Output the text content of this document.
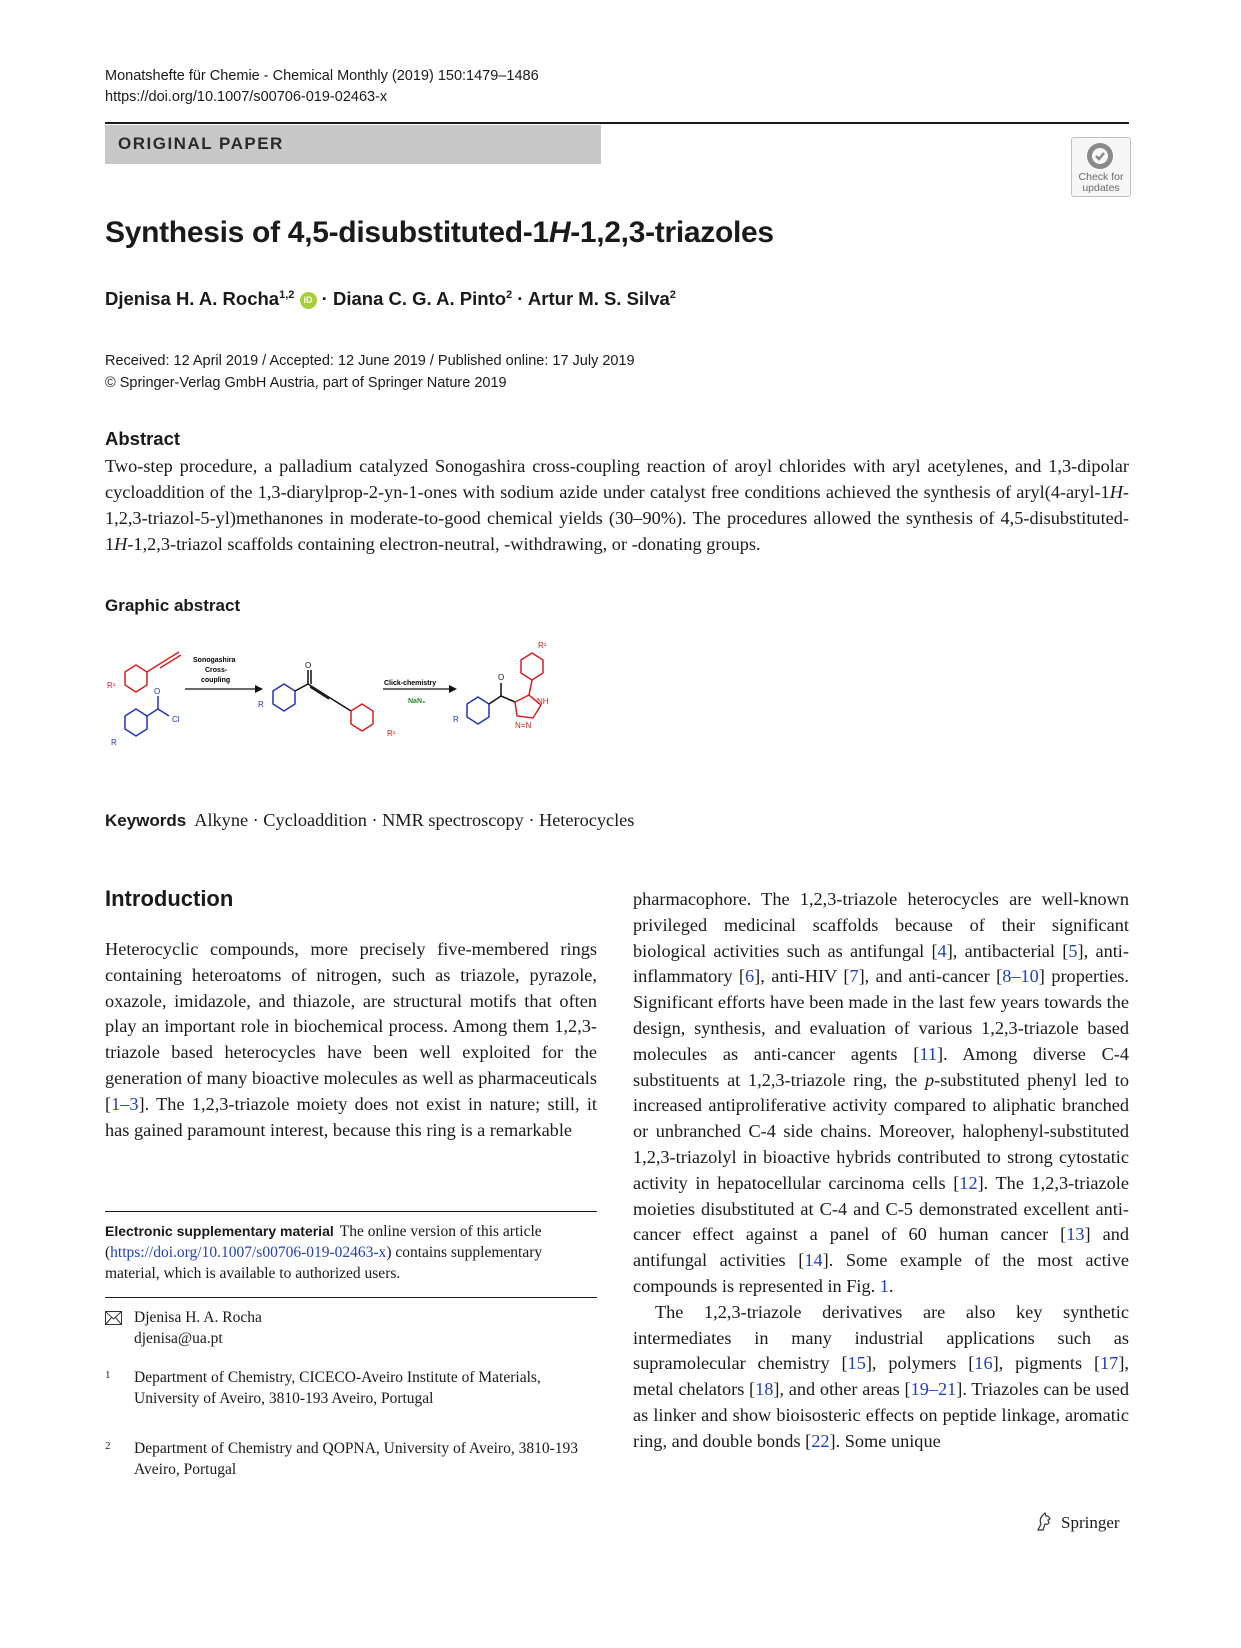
Monatshefte für Chemie - Chemical Monthly (2019) 150:1479–1486
https://doi.org/10.1007/s00706-019-02463-x
ORIGINAL PAPER
Check for
updates
Synthesis of 4,5-disubstituted-1H-1,2,3-triazoles
Djenisa H. A. Rocha$^{1,2}$ iD · Diana C. G. A. Pinto$^2$ · Artur M. S. Silva$^2$
Received: 12 April 2019 / Accepted: 12 June 2019 / Published online: 17 July 2019
© Springer-Verlag GmbH Austria, part of Springer Nature 2019
Abstract
Two-step procedure, a palladium catalyzed Sonogashira cross-coupling reaction of aroyl chlorides with aryl acetylenes, and 1,3-dipolar cycloaddition of the 1,3-diarylprop-2-yn-1-ones with sodium azide under catalyst free conditions achieved the synthesis of aryl(4-aryl-1H-1,2,3-triazol-5-yl)methanones in moderate-to-good chemical yields (30–90%). The procedures allowed the synthesis of 4,5-disubstituted-1H-1,2,3-triazol scaffolds containing electron-neutral, -withdrawing, or -donating groups.
Graphic abstract
R¹
O
Cl
R
Sonogashira
Cross-
coupling
O
R
R¹
Click-chemistry
NaN₃
O
R
R¹
NH
N=N
Keywords Alkyne · Cycloaddition · NMR spectroscopy · Heterocycles
Introduction
Heterocyclic compounds, more precisely five-membered rings containing heteroatoms of nitrogen, such as triazole, pyrazole, oxazole, imidazole, and thiazole, are structural motifs that often play an important role in biochemical process. Among them 1,2,3-triazole based heterocycles have been well exploited for the generation of many bioactive molecules as well as pharmaceuticals [1–3]. The 1,2,3-triazole moiety does not exist in nature; still, it has gained paramount interest, because this ring is a remarkable

pharmacophore. The 1,2,3-triazole heterocycles are well-known privileged medicinal scaffolds because of their significant biological activities such as antifungal [4], antibacterial [5], anti-inflammatory [6], anti-HIV [7], and anti-cancer [8–10] properties. Significant efforts have been made in the last few years towards the design, synthesis, and evaluation of various 1,2,3-triazole based molecules as anti-cancer agents [11]. Among diverse C-4 substituents at 1,2,3-triazole ring, the p-substituted phenyl led to increased antiproliferative activity compared to aliphatic branched or unbranched C-4 side chains. Moreover, halophenyl-substituted 1,2,3-triazolyl in bioactive hybrids contributed to strong cytostatic activity in hepatocellular carcinoma cells [12]. The 1,2,3-triazole moieties disubstituted at C-4 and C-5 demonstrated excellent anti-cancer effect against a panel of 60 human cancer [13] and antifungal activities [14]. Some example of the most active compounds is represented in Fig. 1.

The 1,2,3-triazole derivatives are also key synthetic intermediates in many industrial applications such as supramolecular chemistry [15], polymers [16], pigments [17], metal chelators [18], and other areas [19–21]. Triazoles can be used as linker and show bioisosteric effects on peptide linkage, aromatic ring, and double bonds [22]. Some unique

Electronic supplementary material The online version of this article (https://doi.org/10.1007/s00706-019-02463-x) contains supplementary material, which is available to authorized users.
Djenisa H. A. Rocha
djenisa@ua.pt
1 Department of Chemistry, CICECO-Aveiro Institute of Materials, University of Aveiro, 3810-193 Aveiro, Portugal
2 Department of Chemistry and QOPNA, University of Aveiro, 3810-193 Aveiro, Portugal
Springer
